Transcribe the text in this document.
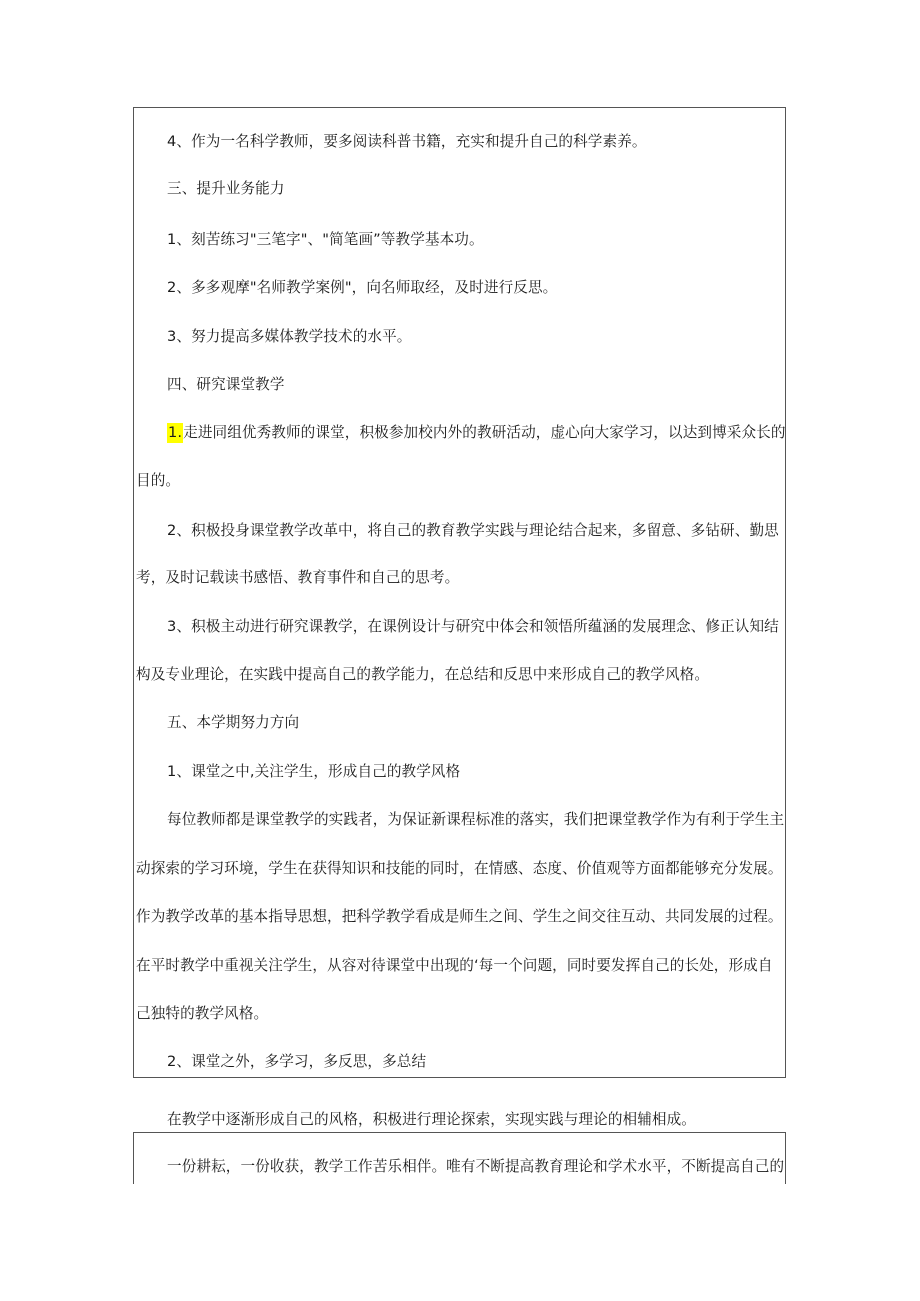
4、作为一名科学教师，要多阅读科普书籍，充实和提升自己的科学素养。
三、提升业务能力
1、刻苦练习"三笔字"、"简笔画”等教学基本功。
2、多多观摩"名师教学案例"，向名师取经，及时进行反思。
3、努力提高多媒体教学技术的水平。
四、研究课堂教学
1.走进同组优秀教师的课堂，积极参加校内外的教研活动，虚心向大家学习，以达到博采众长的
目的。
2、积极投身课堂教学改革中，将自己的教育教学实践与理论结合起来，多留意、多钻研、勤思
考，及时记载读书感悟、教育事件和自己的思考。
3、积极主动进行研究课教学，在课例设计与研究中体会和领悟所蕴涵的发展理念、修正认知结
构及专业理论，在实践中提高自己的教学能力，在总结和反思中来形成自己的教学风格。
五、本学期努力方向
1、课堂之中,关注学生，形成自己的教学风格
每位教师都是课堂教学的实践者，为保证新课程标准的落实，我们把课堂教学作为有利于学生主
动探索的学习环境，学生在获得知识和技能的同时，在情感、态度、价值观等方面都能够充分发展。
作为教学改革的基本指导思想，把科学教学看成是师生之间、学生之间交往互动、共同发展的过程。
在平时教学中重视关注学生，从容对待课堂中出现的‘每一个问题，同时要发挥自己的长处，形成自
己独特的教学风格。
2、课堂之外，多学习，多反思，多总结
在教学中逐渐形成自己的风格，积极进行理论探索，实现实践与理论的相辅相成。
一份耕耘，一份收获，教学工作苦乐相伴。唯有不断提高教育理论和学术水平，不断提高自己的
